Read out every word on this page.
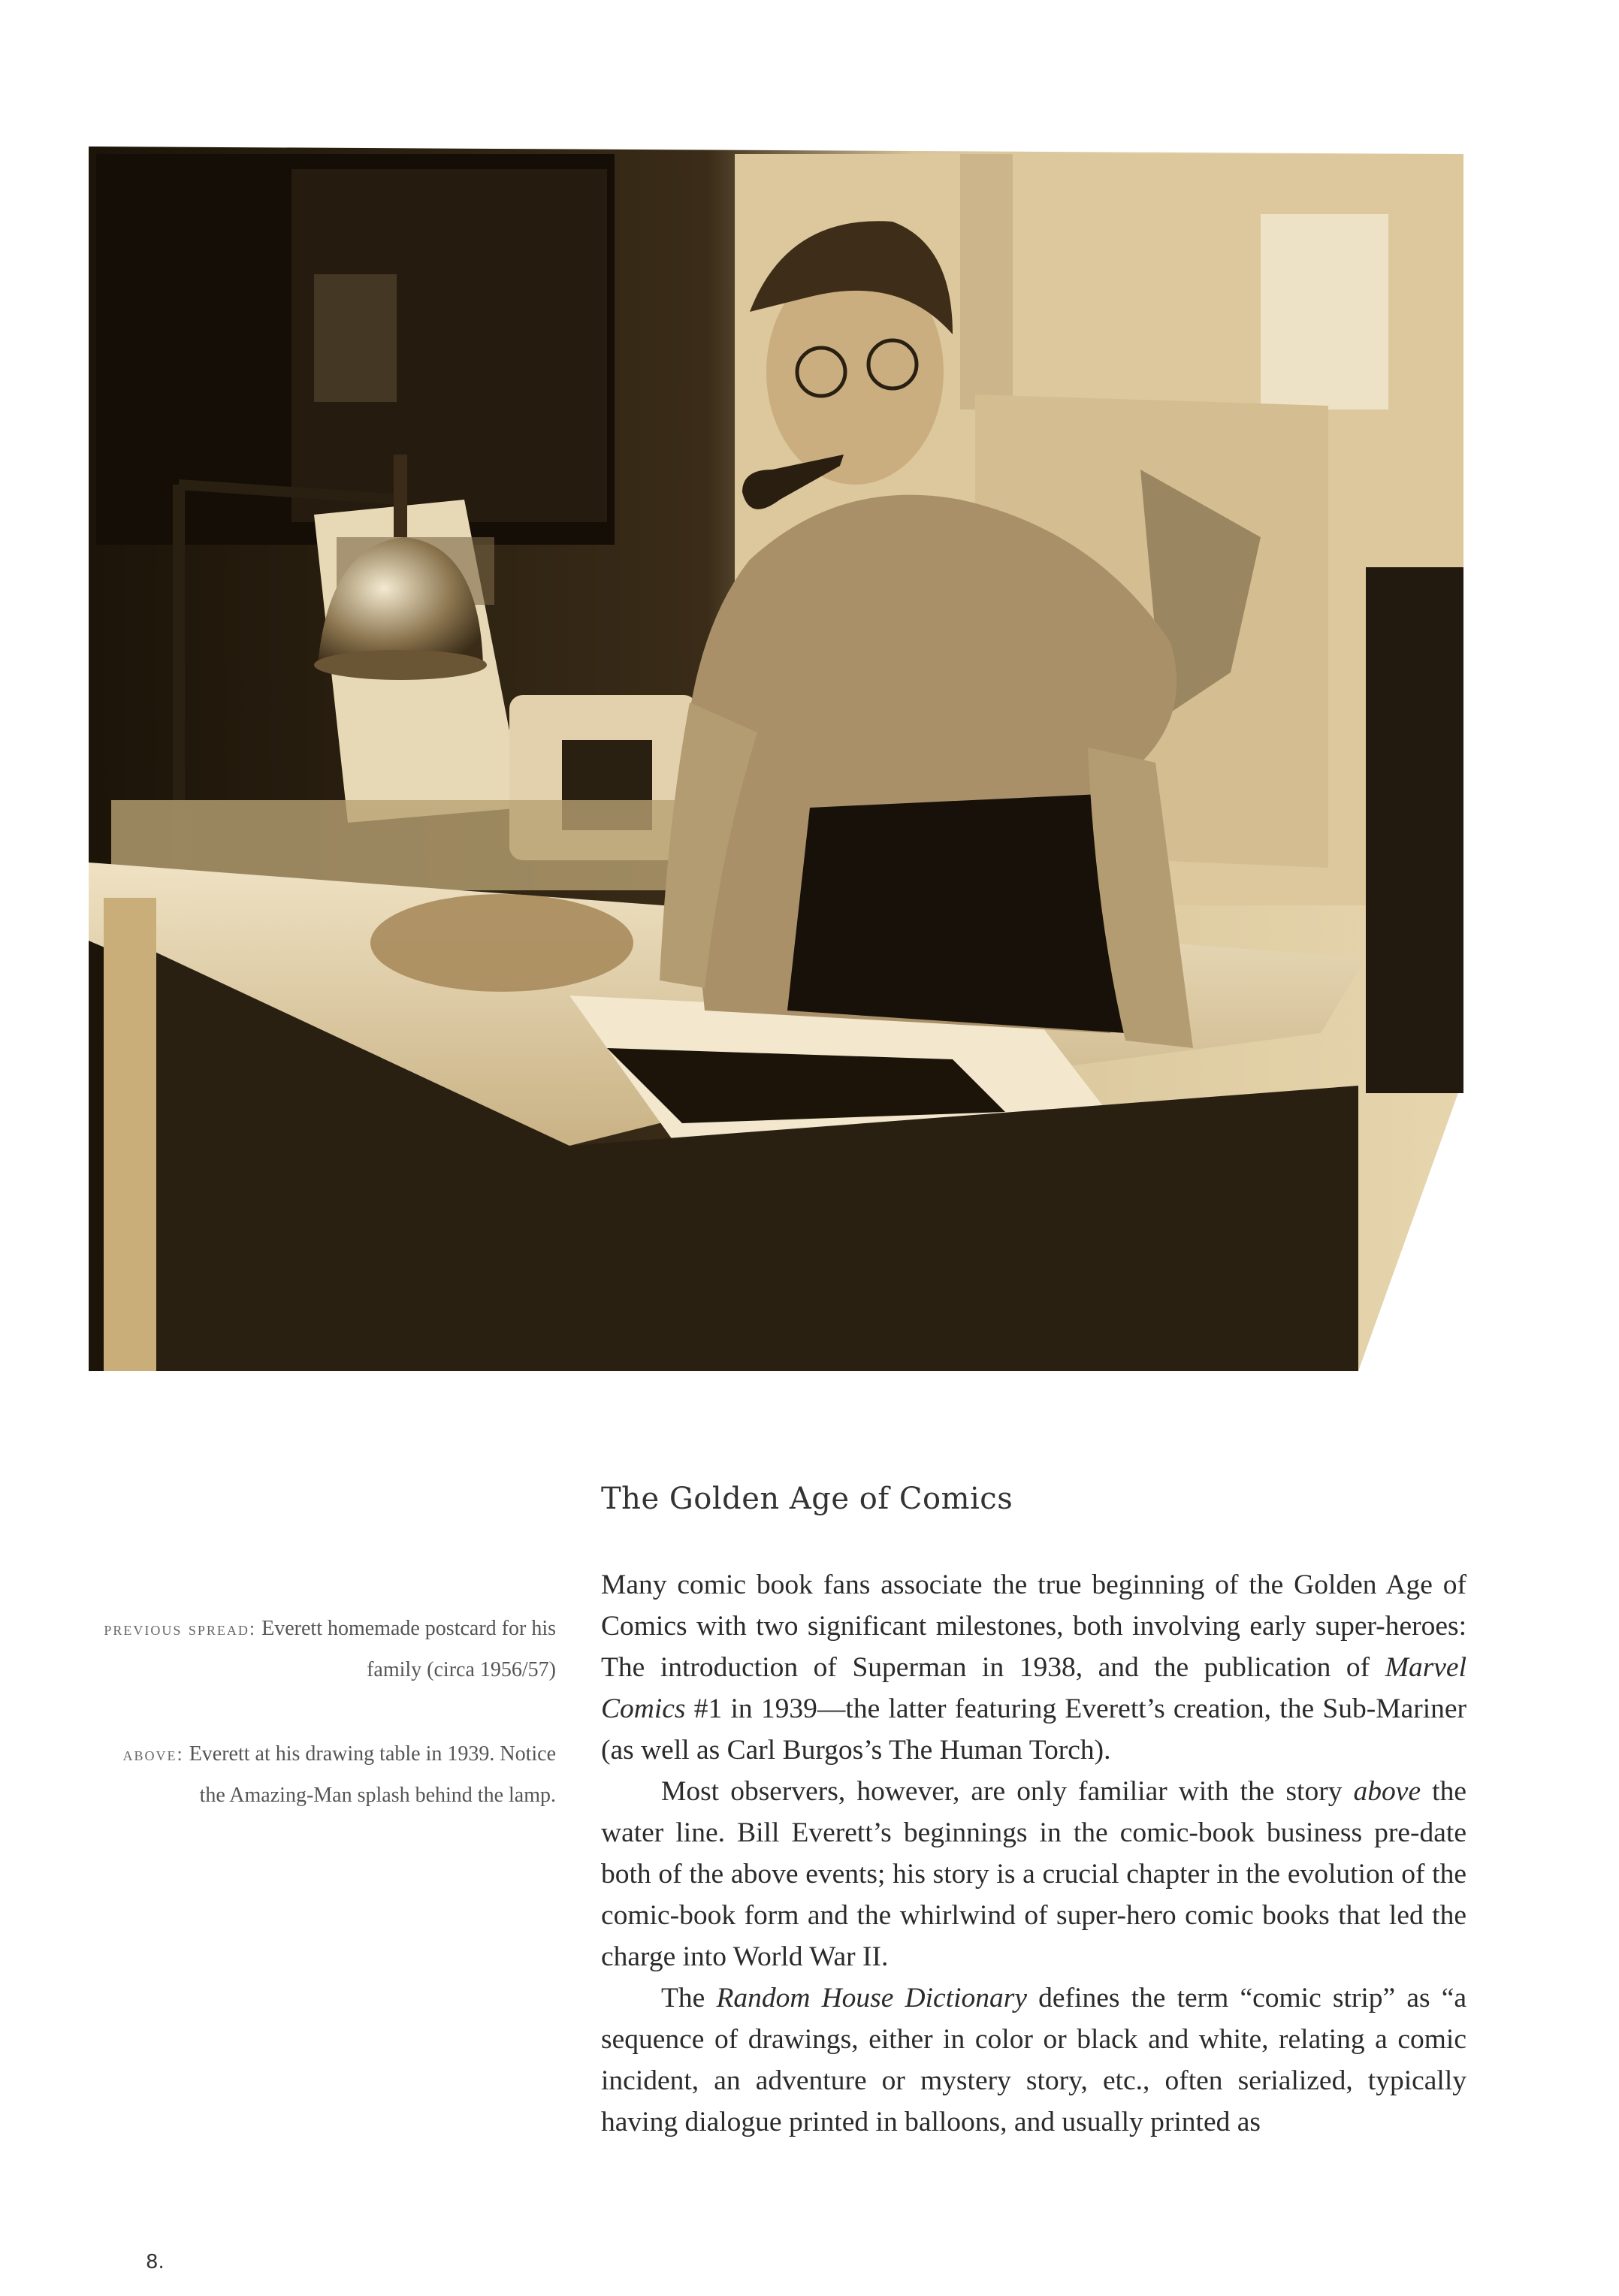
The Golden Age of Comics

previous spread: Everett homemade postcard for his family (circa 1956/57)

above: Everett at his drawing table in 1939. Notice the Amazing-Man splash behind the lamp.

Many comic book fans associate the true beginning of the Golden Age of Comics with two significant milestones, both involving early super-heroes: The introduction of Superman in 1938, and the publication of Marvel Comics #1 in 1939—the latter featuring Everett’s creation, the Sub-Mariner (as well as Carl Burgos’s The Human Torch).

Most observers, however, are only familiar with the story above the water line. Bill Everett’s beginnings in the comic-book business pre-date both of the above events; his story is a crucial chapter in the evolution of the comic-book form and the whirlwind of super-hero comic books that led the charge into World War II.

The Random House Dictionary defines the term “comic strip” as “a sequence of drawings, either in color or black and white, relating a comic incident, an adventure or mystery story, etc., often serialized, typically having dialogue printed in balloons, and usually printed as

8.
